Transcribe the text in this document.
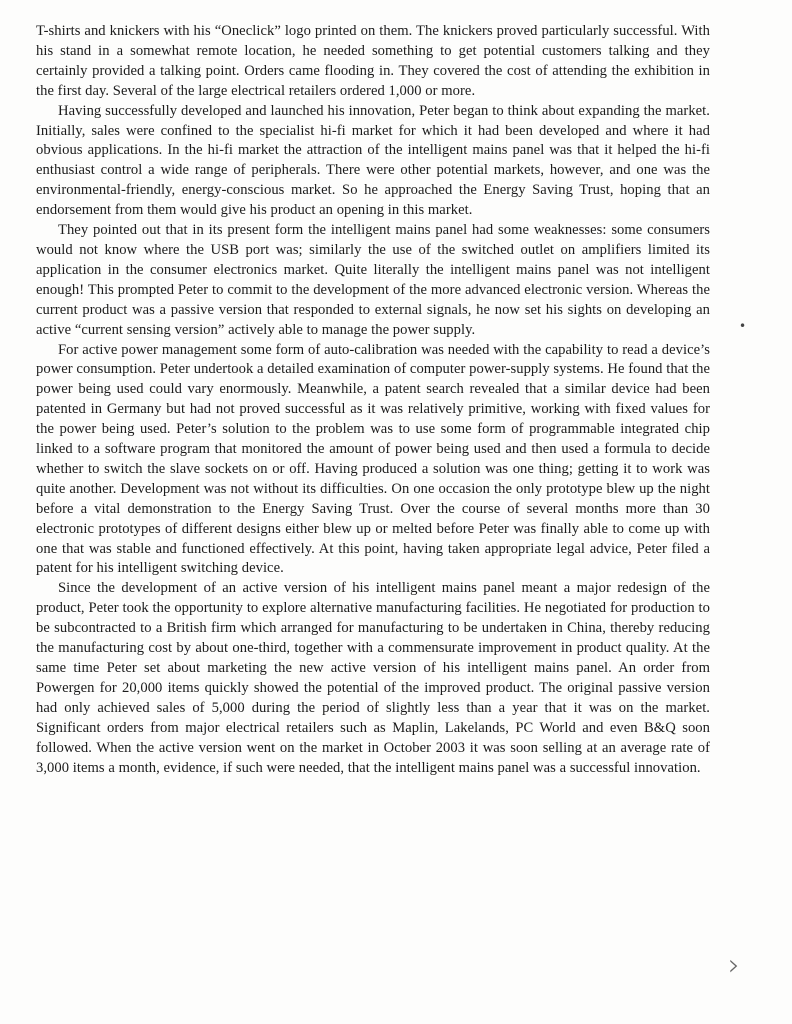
T-shirts and knickers with his “Oneclick” logo printed on them. The knickers proved particularly successful. With his stand in a somewhat remote location, he needed something to get potential customers talking and they certainly provided a talking point. Orders came flooding in. They covered the cost of attending the exhibition in the first day. Several of the large electrical retailers ordered 1,000 or more.

Having successfully developed and launched his innovation, Peter began to think about expanding the market. Initially, sales were confined to the specialist hi-fi market for which it had been developed and where it had obvious applications. In the hi-fi market the attraction of the intelligent mains panel was that it helped the hi-fi enthusiast control a wide range of peripherals. There were other potential markets, however, and one was the environmental-friendly, energy-conscious market. So he approached the Energy Saving Trust, hoping that an endorsement from them would give his product an opening in this market.

They pointed out that in its present form the intelligent mains panel had some weaknesses: some consumers would not know where the USB port was; similarly the use of the switched outlet on amplifiers limited its application in the consumer electronics market. Quite literally the intelligent mains panel was not intelligent enough! This prompted Peter to commit to the development of the more advanced electronic version. Whereas the current product was a passive version that responded to external signals, he now set his sights on developing an active “current sensing version” actively able to manage the power supply.

For active power management some form of auto-calibration was needed with the capability to read a device’s power consumption. Peter undertook a detailed examination of computer power-supply systems. He found that the power being used could vary enormously. Meanwhile, a patent search revealed that a similar device had been patented in Germany but had not proved successful as it was relatively primitive, working with fixed values for the power being used. Peter’s solution to the problem was to use some form of programmable integrated chip linked to a software program that monitored the amount of power being used and then used a formula to decide whether to switch the slave sockets on or off. Having produced a solution was one thing; getting it to work was quite another. Development was not without its difficulties. On one occasion the only prototype blew up the night before a vital demonstration to the Energy Saving Trust. Over the course of several months more than 30 electronic prototypes of different designs either blew up or melted before Peter was finally able to come up with one that was stable and functioned effectively. At this point, having taken appropriate legal advice, Peter filed a patent for his intelligent switching device.

Since the development of an active version of his intelligent mains panel meant a major redesign of the product, Peter took the opportunity to explore alternative manufacturing facilities. He negotiated for production to be subcontracted to a British firm which arranged for manufacturing to be undertaken in China, thereby reducing the manufacturing cost by about one-third, together with a commensurate improvement in product quality. At the same time Peter set about marketing the new active version of his intelligent mains panel. An order from Powergen for 20,000 items quickly showed the potential of the improved product. The original passive version had only achieved sales of 5,000 during the period of slightly less than a year that it was on the market. Significant orders from major electrical retailers such as Maplin, Lakelands, PC World and even B&Q soon followed. When the active version went on the market in October 2003 it was soon selling at an average rate of 3,000 items a month, evidence, if such were needed, that the intelligent mains panel was a successful innovation.

•
›
